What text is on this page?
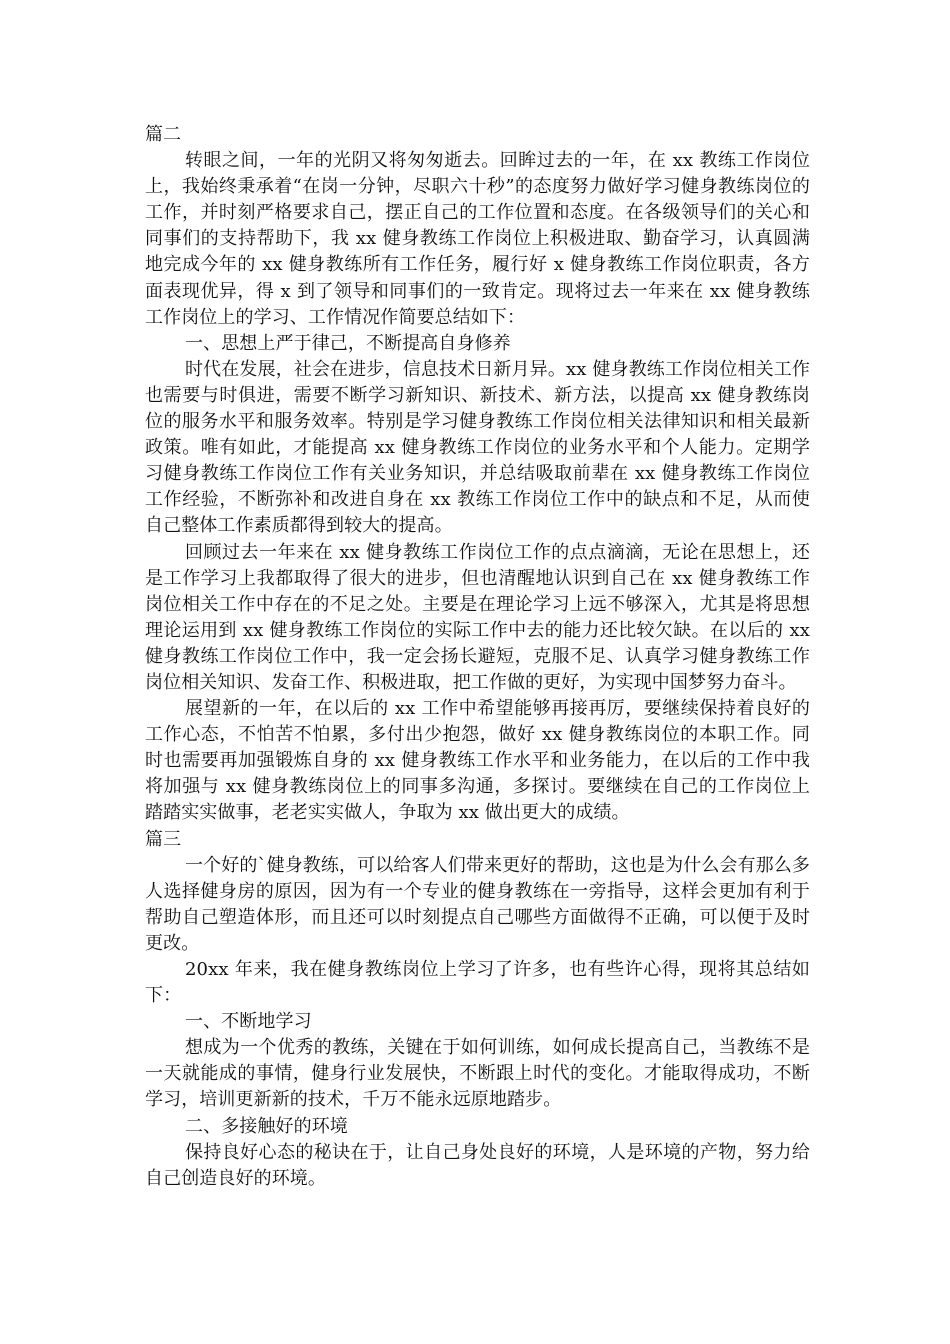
篇二

转眼之间，一年的光阴又将匆匆逝去。回眸过去的一年，在 xx 教练工作岗位上，我始终秉承着“在岗一分钟，尽职六十秒”的态度努力做好学习健身教练岗位的工作，并时刻严格要求自己，摆正自己的工作位置和态度。在各级领导们的关心和同事们的支持帮助下，我 xx 健身教练工作岗位上积极进取、勤奋学习，认真圆满地完成今年的 xx 健身教练所有工作任务，履行好 x 健身教练工作岗位职责，各方面表现优异，得 x 到了领导和同事们的一致肯定。现将过去一年来在 xx 健身教练工作岗位上的学习、工作情况作简要总结如下：

一、思想上严于律己，不断提高自身修养

时代在发展，社会在进步，信息技术日新月异。xx 健身教练工作岗位相关工作也需要与时俱进，需要不断学习新知识、新技术、新方法，以提高 xx 健身教练岗位的服务水平和服务效率。特别是学习健身教练工作岗位相关法律知识和相关最新政策。唯有如此，才能提高 xx 健身教练工作岗位的业务水平和个人能力。定期学习健身教练工作岗位工作有关业务知识，并总结吸取前辈在 xx 健身教练工作岗位工作经验，不断弥补和改进自身在 xx 教练工作岗位工作中的缺点和不足，从而使自己整体工作素质都得到较大的提高。

回顾过去一年来在 xx 健身教练工作岗位工作的点点滴滴，无论在思想上，还是工作学习上我都取得了很大的进步，但也清醒地认识到自己在 xx 健身教练工作岗位相关工作中存在的不足之处。主要是在理论学习上远不够深入，尤其是将思想理论运用到 xx 健身教练工作岗位的实际工作中去的能力还比较欠缺。在以后的 xx 健身教练工作岗位工作中，我一定会扬长避短，克服不足、认真学习健身教练工作岗位相关知识、发奋工作、积极进取，把工作做的更好，为实现中国梦努力奋斗。

展望新的一年，在以后的 xx 工作中希望能够再接再厉，要继续保持着良好的工作心态，不怕苦不怕累，多付出少抱怨，做好 xx 健身教练岗位的本职工作。同时也需要再加强锻炼自身的 xx 健身教练工作水平和业务能力，在以后的工作中我将加强与 xx 健身教练岗位上的同事多沟通，多探讨。要继续在自己的工作岗位上踏踏实实做事，老老实实做人，争取为 xx 做出更大的成绩。

篇三

一个好的`健身教练，可以给客人们带来更好的帮助，这也是为什么会有那么多人选择健身房的原因，因为有一个专业的健身教练在一旁指导，这样会更加有利于帮助自己塑造体形，而且还可以时刻提点自己哪些方面做得不正确，可以便于及时更改。

20xx 年来，我在健身教练岗位上学习了许多，也有些许心得，现将其总结如下：

一、不断地学习

想成为一个优秀的教练，关键在于如何训练，如何成长提高自己，当教练不是一天就能成的事情，健身行业发展快，不断跟上时代的变化。才能取得成功，不断学习，培训更新新的技术，千万不能永远原地踏步。

二、多接触好的环境

保持良好心态的秘诀在于，让自己身处良好的环境，人是环境的产物，努力给自己创造良好的环境。
